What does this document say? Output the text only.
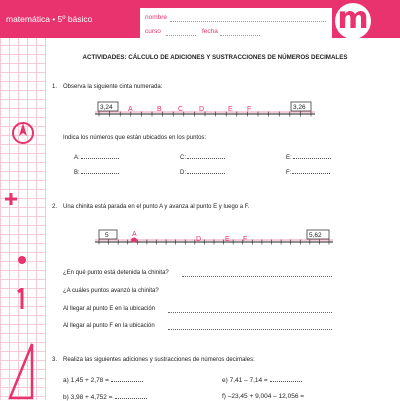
matemática • 5º básico	nombre
curso	fecha	m
ACTIVIDADES: CÁLCULO DE ADICIONES Y SUSTRACCIONES DE NÚMEROS DECIMALES
1. Observa la siguiente cinta numerada:
3,24	3,26
A	B C D	E F
Indica los números que están ubicados en los puntos:
A:	C:	E:
B:	D:	F:
2. Una chinita está parada en el punto A y avanza al punto E y luego a F.
5	5,62
A
D	E F
¿En qué punto está detenida la chinita?
¿A cuáles puntos avanzó la chinita?
Al llegar al punto E en la ubicación
Al llegar al punto F en la ubicación
3. Realiza las siguientes adiciones y sustracciones de números decimales:
a) 1,45 + 2,78 =	e) 7,41 – 7,14 =
b) 3,98 + 4,752 =	f) –23,45 + 9,004 – 12,056 =
